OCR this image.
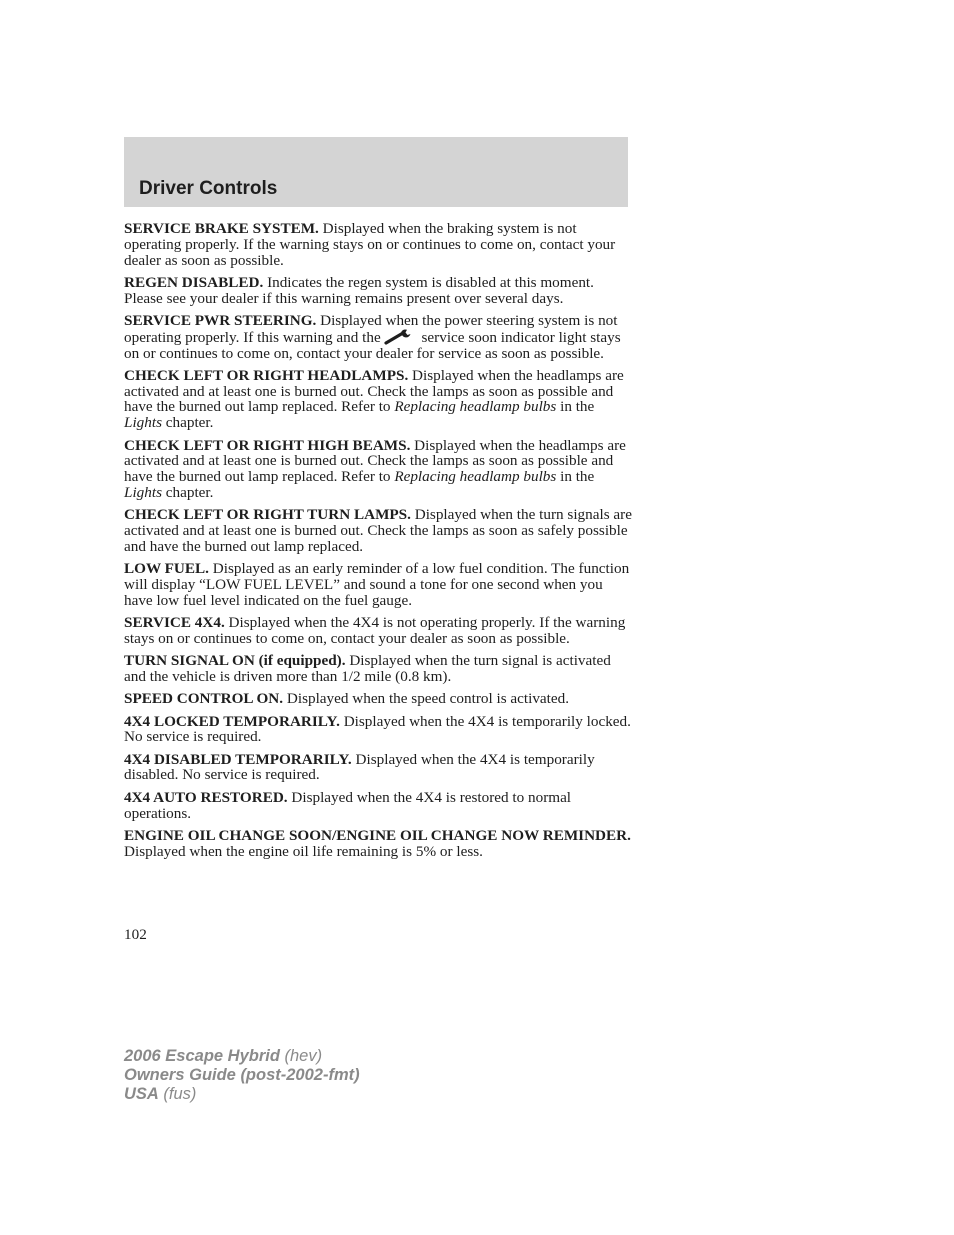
Driver Controls

SERVICE BRAKE SYSTEM. Displayed when the braking system is not operating properly. If the warning stays on or continues to come on, contact your dealer as soon as possible.

REGEN DISABLED. Indicates the regen system is disabled at this moment. Please see your dealer if this warning remains present over several days.

SERVICE PWR STEERING. Displayed when the power steering system is not operating properly. If this warning and the service soon indicator light stays on or continues to come on, contact your dealer for service as soon as possible.

CHECK LEFT OR RIGHT HEADLAMPS. Displayed when the headlamps are activated and at least one is burned out. Check the lamps as soon as possible and have the burned out lamp replaced. Refer to Replacing headlamp bulbs in the Lights chapter.

CHECK LEFT OR RIGHT HIGH BEAMS. Displayed when the headlamps are activated and at least one is burned out. Check the lamps as soon as possible and have the burned out lamp replaced. Refer to Replacing headlamp bulbs in the Lights chapter.

CHECK LEFT OR RIGHT TURN LAMPS. Displayed when the turn signals are activated and at least one is burned out. Check the lamps as soon as safely possible and have the burned out lamp replaced.

LOW FUEL. Displayed as an early reminder of a low fuel condition. The function will display “LOW FUEL LEVEL” and sound a tone for one second when you have low fuel level indicated on the fuel gauge.

SERVICE 4X4. Displayed when the 4X4 is not operating properly. If the warning stays on or continues to come on, contact your dealer as soon as possible.

TURN SIGNAL ON (if equipped). Displayed when the turn signal is activated and the vehicle is driven more than 1/2 mile (0.8 km).

SPEED CONTROL ON. Displayed when the speed control is activated.

4X4 LOCKED TEMPORARILY. Displayed when the 4X4 is temporarily locked. No service is required.

4X4 DISABLED TEMPORARILY. Displayed when the 4X4 is temporarily disabled. No service is required.

4X4 AUTO RESTORED. Displayed when the 4X4 is restored to normal operations.

ENGINE OIL CHANGE SOON/ENGINE OIL CHANGE NOW REMINDER. Displayed when the engine oil life remaining is 5% or less.

102
2006 Escape Hybrid (hev)
Owners Guide (post-2002-fmt)
USA (fus)
